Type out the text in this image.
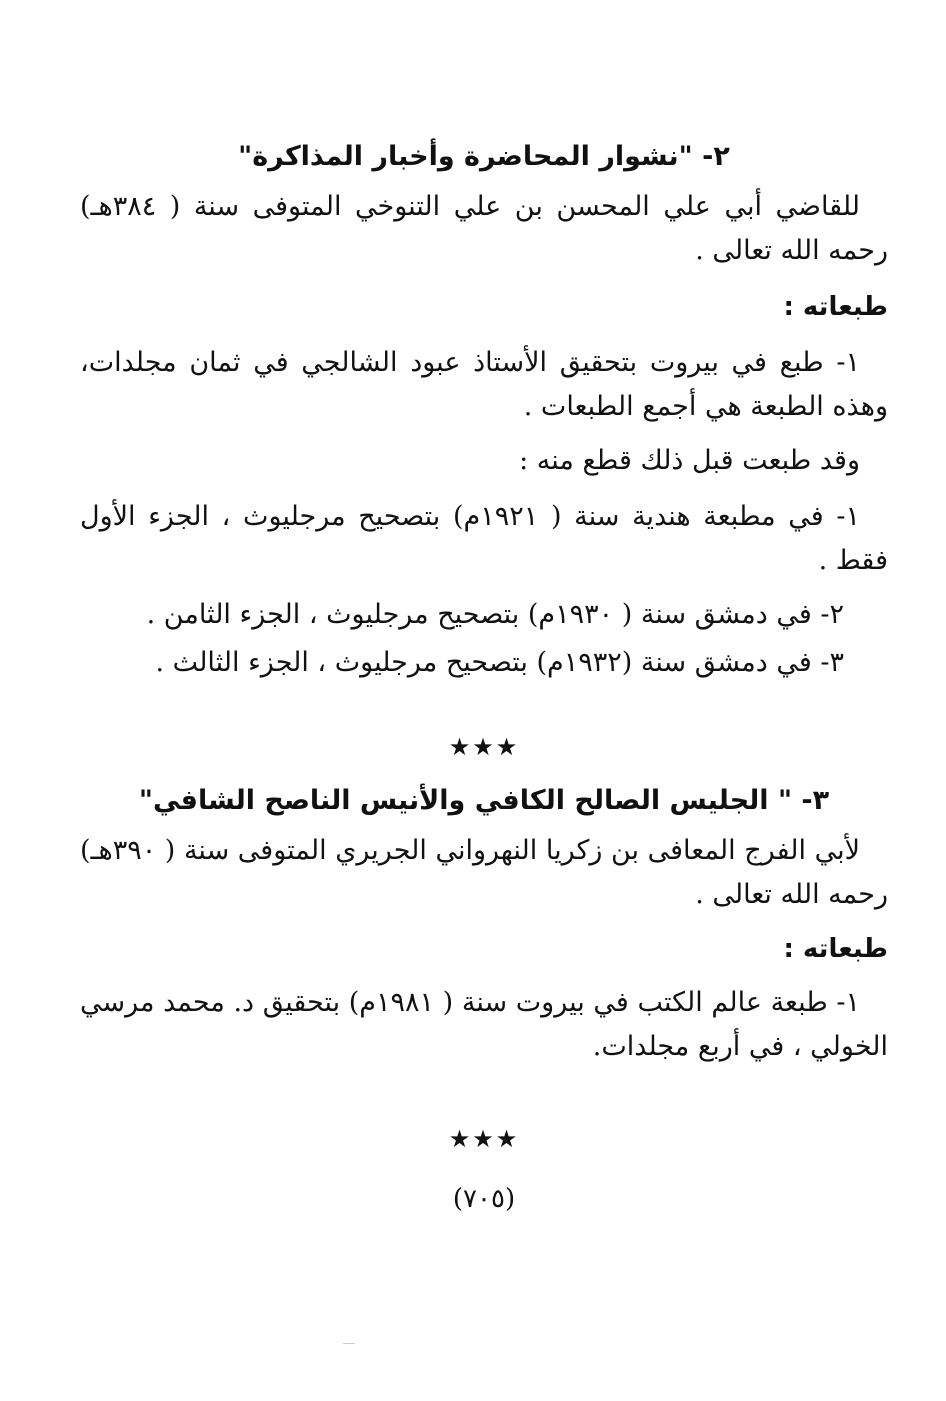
٢- "نشوار المحاضرة وأخبار المذاكرة"

للقاضي أبي علي المحسن بن علي التنوخي المتوفى سنة ( ٣٨٤هـ) رحمه الله تعالى .

طبعاته :

١- طبع في بيروت بتحقيق الأستاذ عبود الشالجي في ثمان مجلدات، وهذه الطبعة هي أجمع الطبعات .

وقد طبعت قبل ذلك قطع منه :

١- في مطبعة هندية سنة ( ١٩٢١م) بتصحيح مرجليوث ، الجزء الأول فقط .

٢- في دمشق سنة ( ١٩٣٠م) بتصحيح مرجليوث ، الجزء الثامن .

٣- في دمشق سنة (١٩٣٢م) بتصحيح مرجليوث ، الجزء الثالث .

★★★

٣- " الجليس الصالح الكافي والأنيس الناصح الشافي"

لأبي الفرج المعافى بن زكريا النهرواني الجريري المتوفى سنة ( ٣٩٠هـ) رحمه الله تعالى .

طبعاته :

١- طبعة عالم الكتب في بيروت سنة ( ١٩٨١م) بتحقيق د. محمد مرسي الخولي ، في أربع مجلدات.

★★★

(٧٠٥)
